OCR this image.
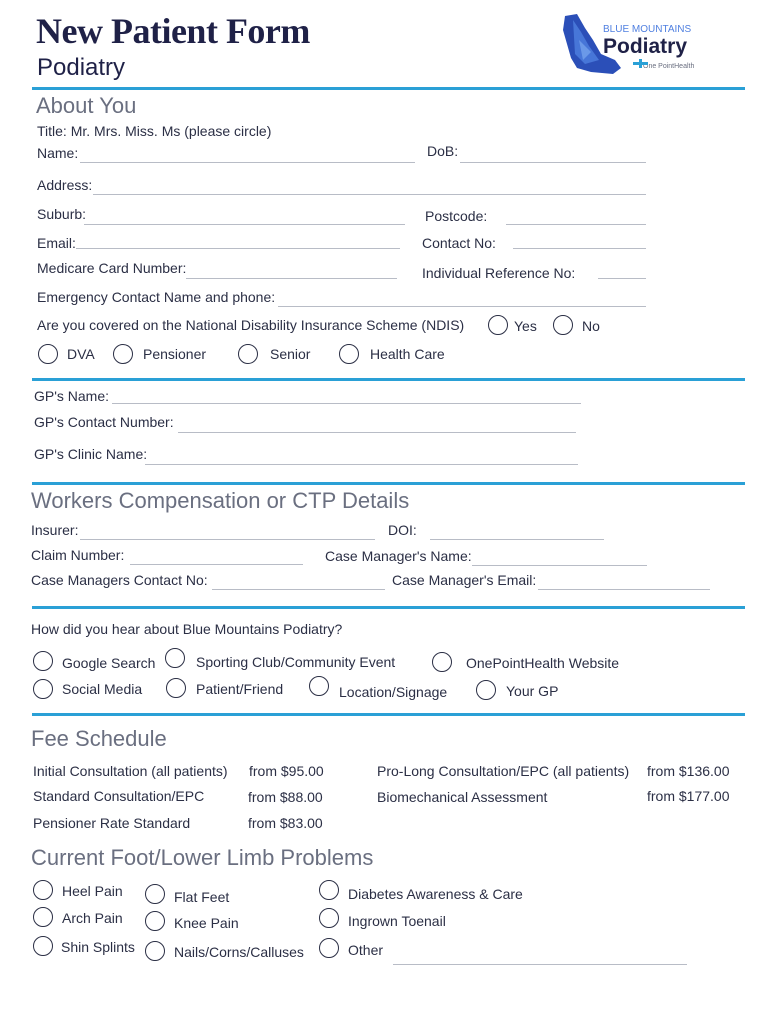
New Patient Form
Podiatry
BLUE MOUNTAINS
Podiatry
One PointHealth
About You
Title: Mr. Mrs. Miss. Ms (please circle)
Name:	DoB:
Address:
Suburb:	Postcode:
Email:	Contact No:
Medicare Card Number:	Individual Reference No:
Emergency Contact Name and phone:
Are you covered on the National Disability Insurance Scheme (NDIS)	Yes	No
DVA	Pensioner	Senior	Health Care
GP's Name:
GP's Contact Number:
GP's Clinic Name:
Workers Compensation or CTP Details
Insurer:	DOI:
Claim Number:	Case Manager's Name:
Case Managers Contact No:	Case Manager's Email:
How did you hear about Blue Mountains Podiatry?
Google Search	Sporting Club/Community Event	OnePointHealth Website
Social Media	Patient/Friend	Location/Signage	Your GP
Fee Schedule
Initial Consultation (all patients) from $95.00	Pro-Long Consultation/EPC (all patients) from $136.00
Standard Consultation/EPC	from $88.00	Biomechanical Assessment	from $177.00
Pensioner Rate Standard	from $83.00
Current Foot/Lower Limb Problems
Heel Pain	Flat Feet	Diabetes Awareness & Care
Arch Pain	Knee Pain	Ingrown Toenail
Shin Splints	Nails/Corns/Calluses	Other
